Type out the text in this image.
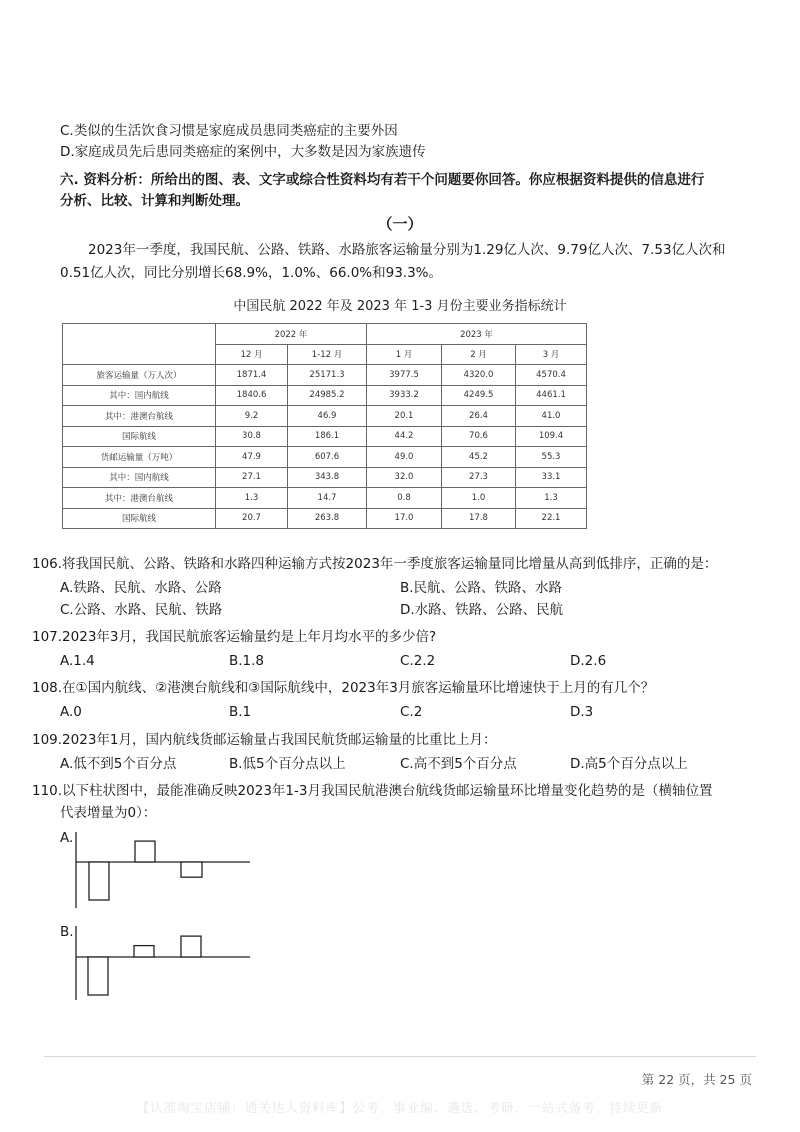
C.类似的生活饮食习惯是家庭成员患同类癌症的主要外因
D.家庭成员先后患同类癌症的案例中，大多数是因为家族遗传
六. 资料分析：所给出的图、表、文字或综合性资料均有若干个问题要你回答。你应根据资料提供的信息进行
分析、比较、计算和判断处理。
（一）
2023年一季度，我国民航、公路、铁路、水路旅客运输量分别为1.29亿人次、9.79亿人次、7.53亿人次和
0.51亿人次，同比分别增长68.9%，1.0%、66.0%和93.3%。
中国民航 2022 年及 2023 年 1-3 月份主要业务指标统计
	2022 年		2023 年		
	12 月	1-12 月	1 月	2 月	3 月
旅客运输量（万人次）	1871.4	25171.3	3977.5	4320.0	4570.4
其中：国内航线	1840.6	24985.2	3933.2	4249.5	4461.1
其中：港澳台航线	9.2	46.9	20.1	26.4	41.0
国际航线	30.8	186.1	44.2	70.6	109.4
货邮运输量（万吨）	47.9	607.6	49.0	45.2	55.3
其中：国内航线	27.1	343.8	32.0	27.3	33.1
其中：港澳台航线	1.3	14.7	0.8	1.0	1.3
国际航线	20.7	263.8	17.0	17.8	22.1
106.将我国民航、公路、铁路和水路四种运输方式按2023年一季度旅客运输量同比增量从高到低排序，正确的是：
A.铁路、民航、水路、公路	B.民航、公路、铁路、水路
C.公路、水路、民航、铁路	D.水路、铁路、公路、民航
107.2023年3月，我国民航旅客运输量约是上年月均水平的多少倍?
A.1.4	B.1.8	C.2.2	D.2.6
108.在①国内航线、②港澳台航线和③国际航线中，2023年3月旅客运输量环比增速快于上月的有几个？
A.0	B.1	C.2	D.3
109.2023年1月，国内航线货邮运输量占我国民航货邮运输量的比重比上月：
A.低不到5个百分点	B.低5个百分点以上	C.高不到5个百分点	D.高5个百分点以上
110.以下柱状图中，最能准确反映2023年1-3月我国民航港澳台航线货邮运输量环比增量变化趋势的是（横轴位置
代表增量为0）：
A.
B.
第 22 页，共 25 页
【认准淘宝店铺：通关达人资料库】公考、事业编、遴选、考研、一站式备考、持续更新
